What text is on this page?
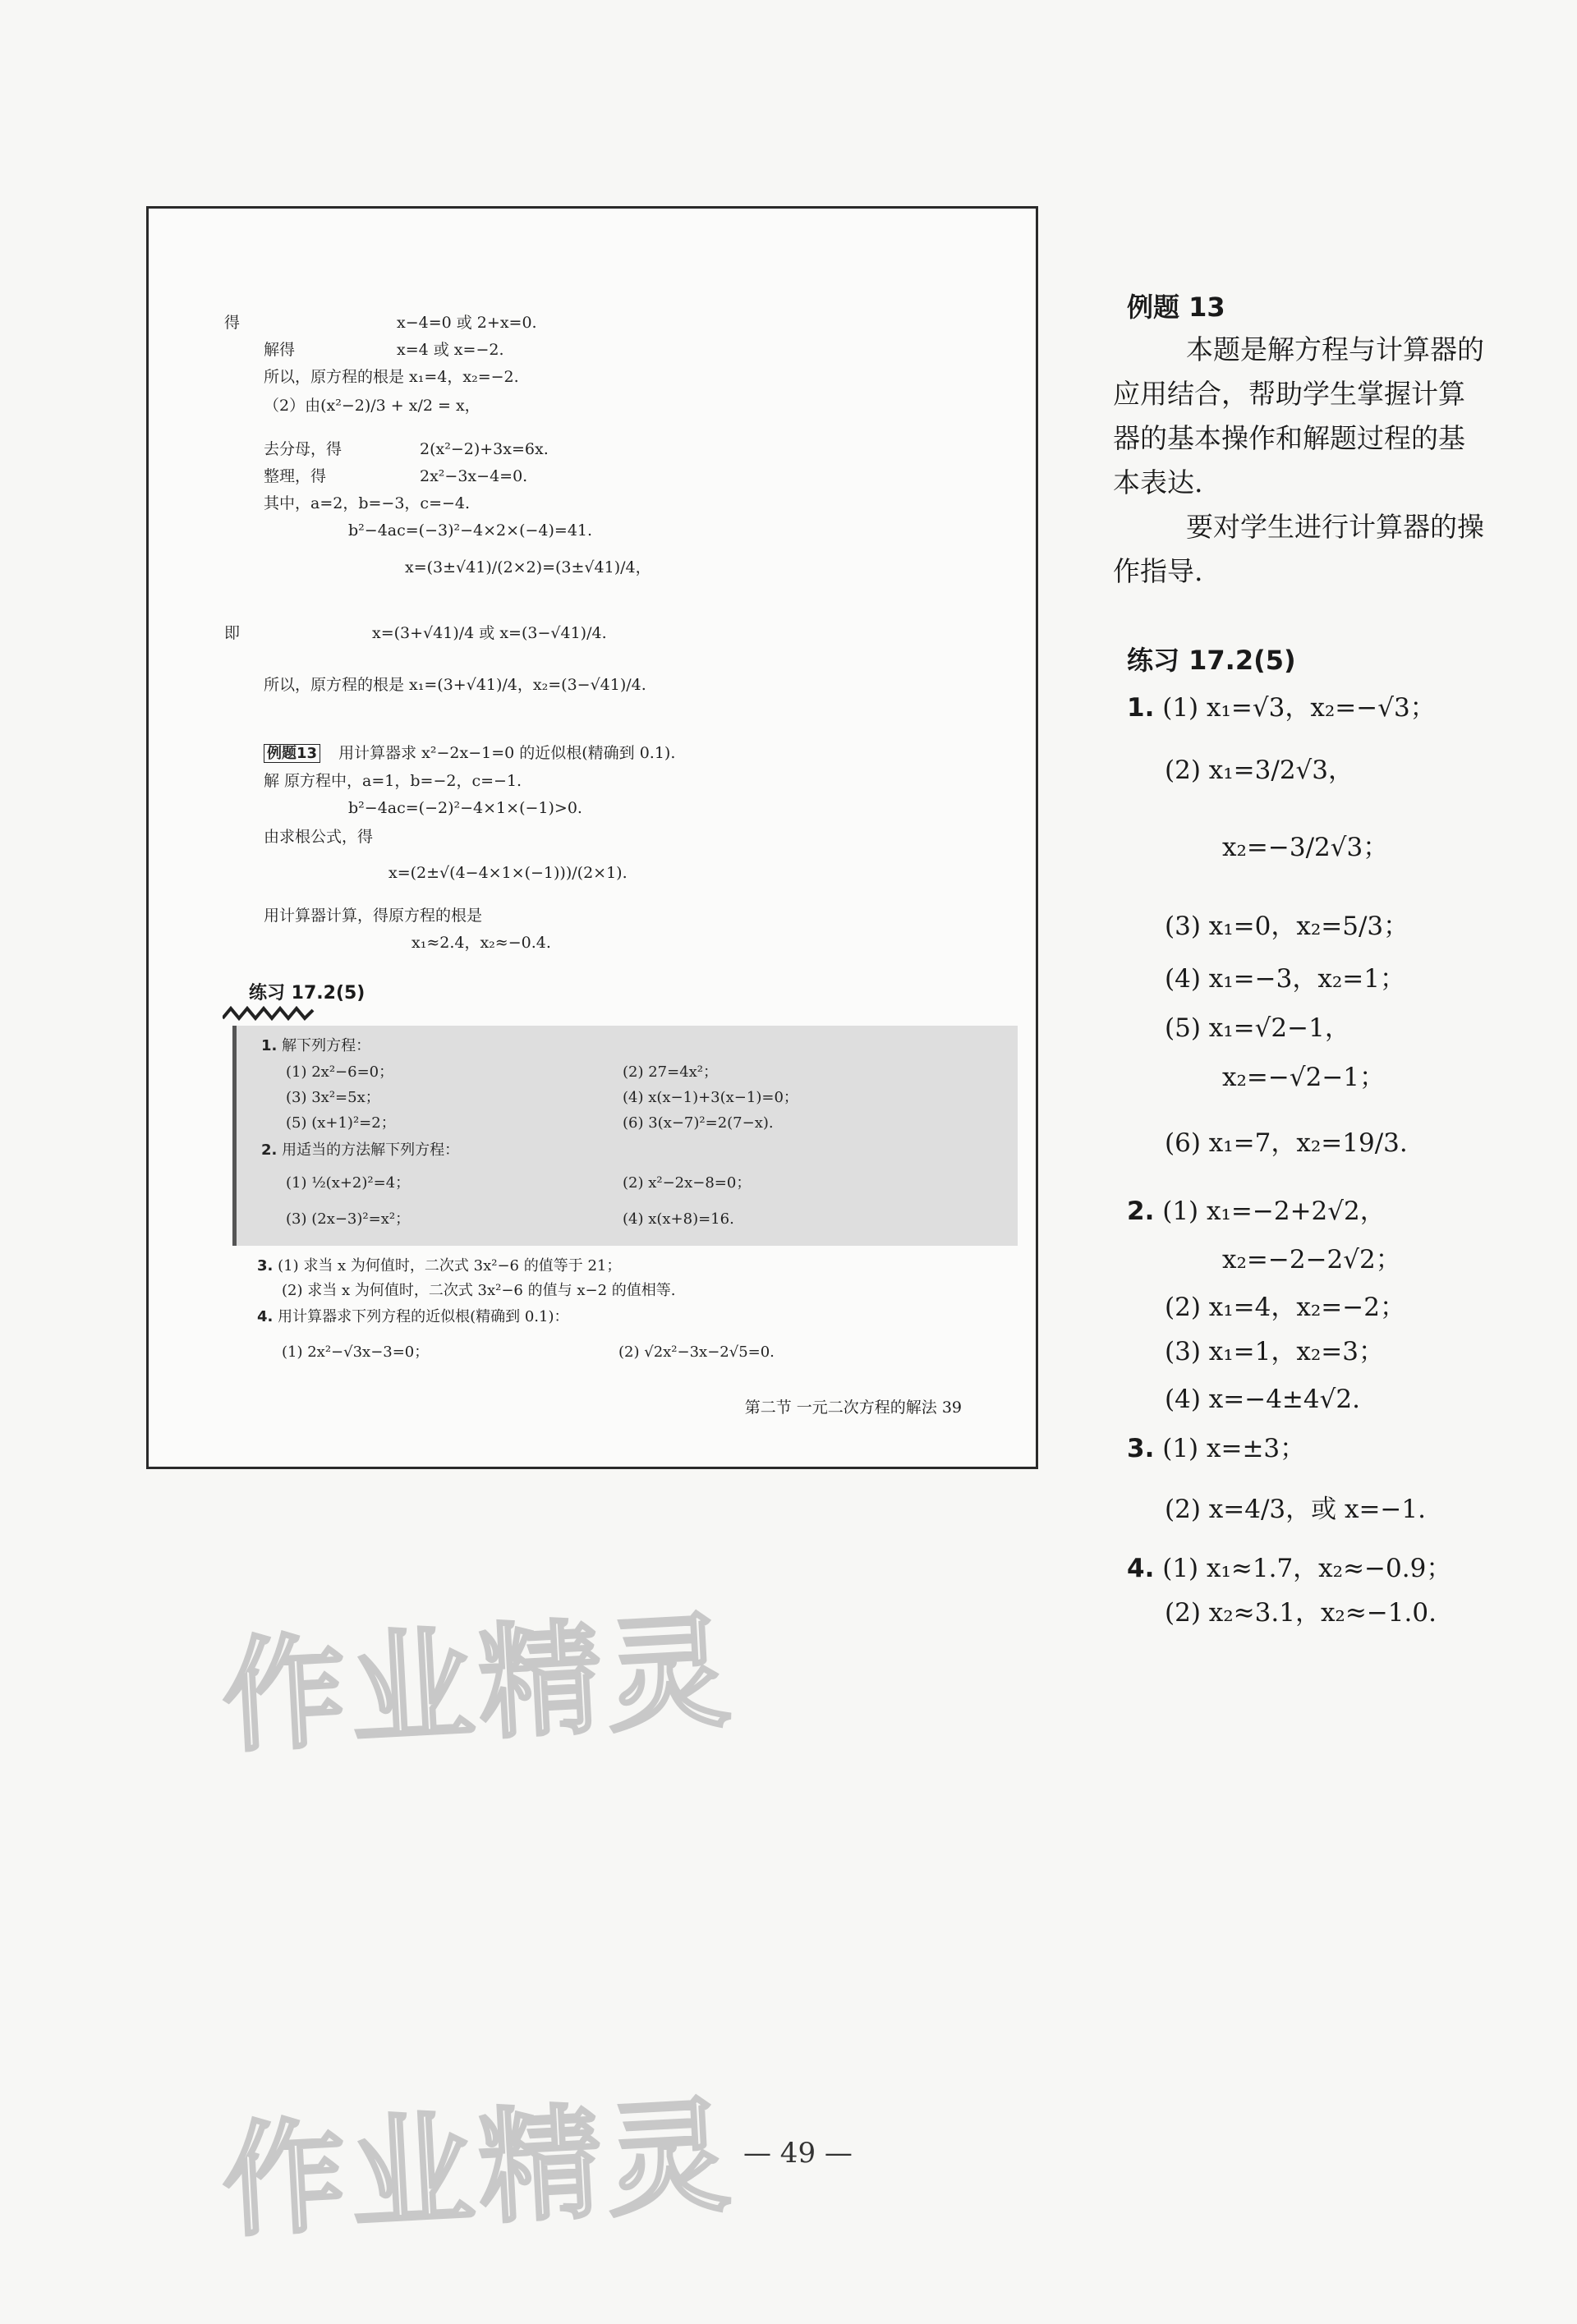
得	x−4=0 或 2+x=0.
解得	x=4 或 x=−2.
所以，原方程的根是 x₁=4，x₂=−2.
（2）由(x²−2)/3 + x/2 = x，
去分母，得	2(x²−2)+3x=6x.
整理，得	2x²−3x−4=0.
其中，a=2，b=−3，c=−4.
b²−4ac=(−3)²−4×2×(−4)=41.
x=(3±√41)/(2×2)=(3±√41)/4，
即	x=(3+√41)/4 或 x=(3−√41)/4.
所以，原方程的根是 x₁=(3+√41)/4，x₂=(3−√41)/4.
例题13 用计算器求 x²−2x−1=0 的近似根(精确到 0.1).
解 原方程中，a=1，b=−2，c=−1.
b²−4ac=(−2)²−4×1×(−1)>0.
由求根公式，得
x=(2±√(4−4×1×(−1)))/(2×1).
用计算器计算，得原方程的根是
x₁≈2.4，x₂≈−0.4.
练习 17.2(5)
1. 解下列方程：
(1) 2x²−6=0；	(2) 27=4x²；
(3) 3x²=5x；	(4) x(x−1)+3(x−1)=0；
(5) (x+1)²=2；	(6) 3(x−7)²=2(7−x).
2. 用适当的方法解下列方程：
(1) ½(x+2)²=4；	(2) x²−2x−8=0；
(3) (2x−3)²=x²；	(4) x(x+8)=16.
3. (1) 求当 x 为何值时，二次式 3x²−6 的值等于 21；
(2) 求当 x 为何值时，二次式 3x²−6 的值与 x−2 的值相等.
4. 用计算器求下列方程的近似根(精确到 0.1)：
(1) 2x²−√3x−3=0；	(2) √2x²−3x−2√5=0.
第二节 一元二次方程的解法 39
例题 13
本题是解方程与计算器的
应用结合，帮助学生掌握计算
器的基本操作和解题过程的基
本表达.
要对学生进行计算器的操
作指导.
练习 17.2(5)
1. (1) x₁=√3，x₂=−√3；
(2) x₁=3/2√3，
x₂=−3/2√3；
(3) x₁=0，x₂=5/3；
(4) x₁=−3，x₂=1；
(5) x₁=√2−1，
x₂=−√2−1；
(6) x₁=7，x₂=19/3.
2. (1) x₁=−2+2√2，
x₂=−2−2√2；
(2) x₁=4，x₂=−2；
(3) x₁=1，x₂=3；
(4) x=−4±4√2.
3. (1) x=±3；
(2) x=4/3，或 x=−1.
4. (1) x₁≈1.7，x₂≈−0.9；
(2) x₂≈3.1，x₂≈−1.0.
作业精灵
作业精灵 — 49 —
